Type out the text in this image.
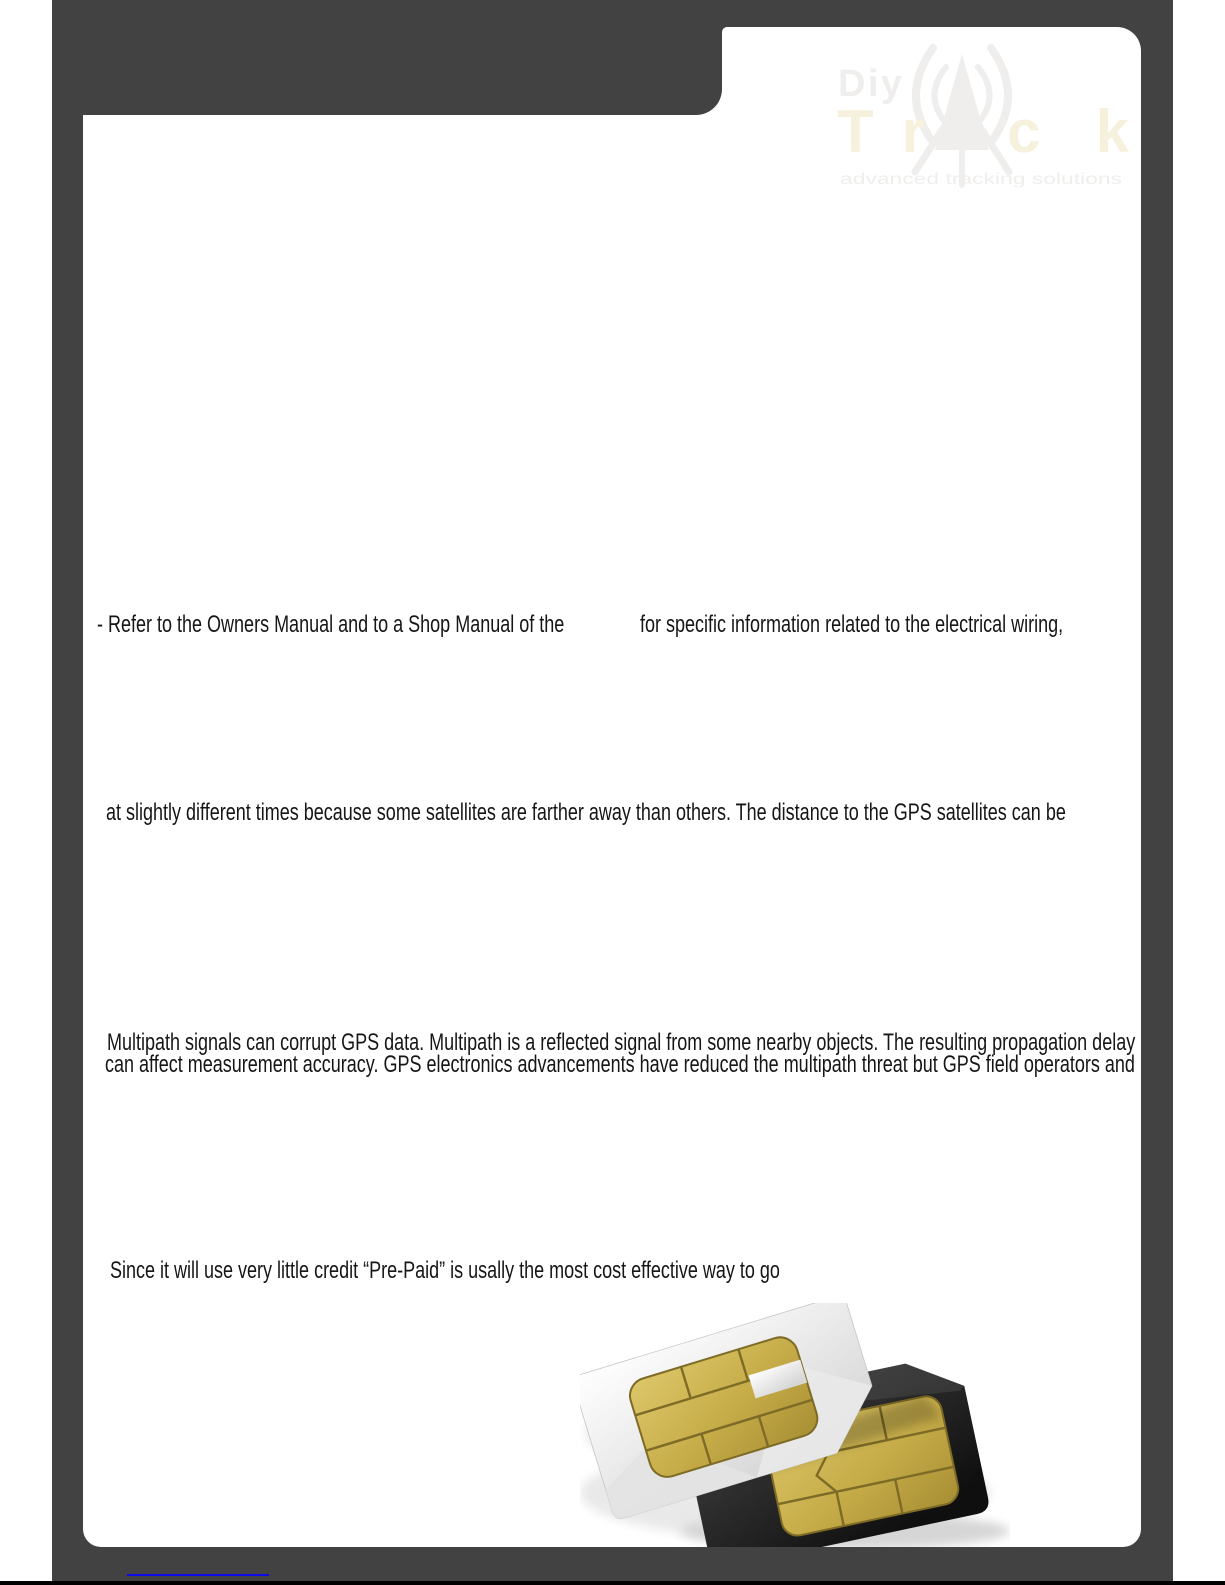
Diy
Tr ck
advanced tracking solutions
- Refer to the Owners Manual and to a Shop Manual of the	for specific information related to the electrical wiring,
at slightly different times because some satellites are farther away than others. The distance to the GPS satellites can be
Multipath signals can corrupt GPS data. Multipath is a reflected signal from some nearby objects. The resulting propagation delay
can affect measurement accuracy. GPS electronics advancements have reduced the multipath threat but GPS field operators and
Since it will use very little credit “Pre-Paid” is usally the most cost effective way to go
